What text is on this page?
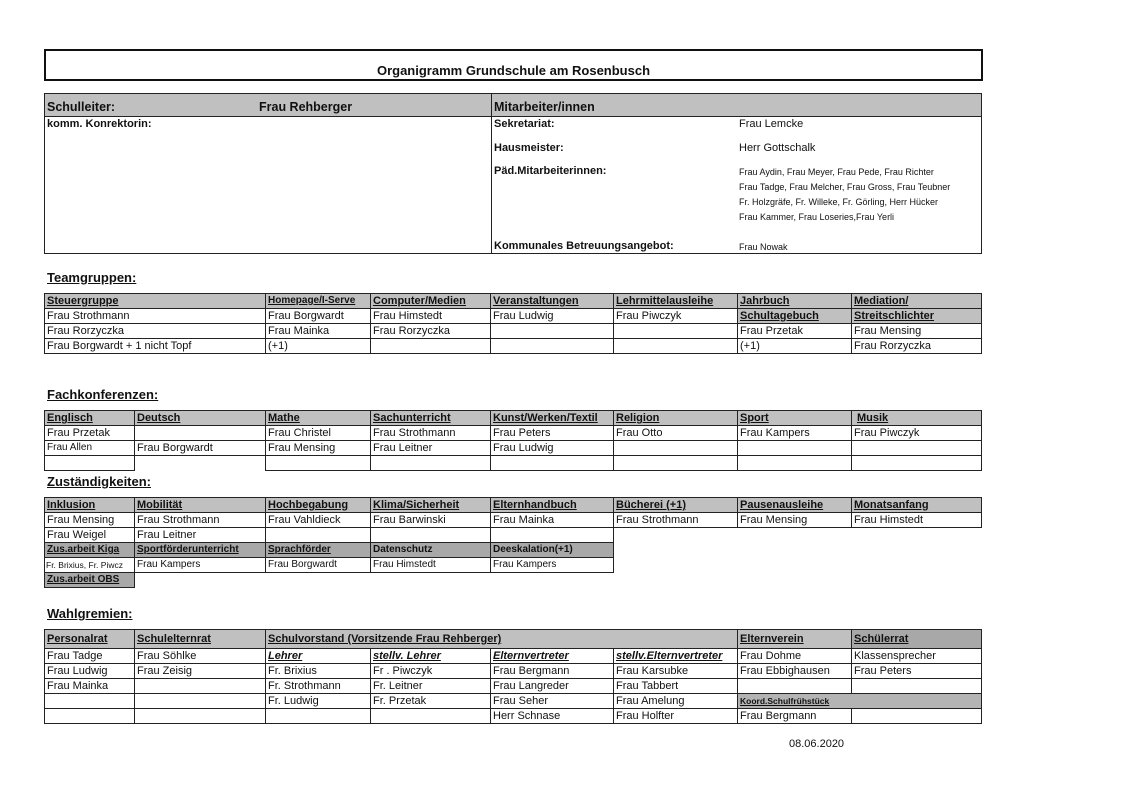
Organigramm Grundschule am Rosenbusch
Schulleiter:	Frau Rehberger
komm. Konrektorin:
Mitarbeiter/innen
Sekretariat:	Frau Lemcke
Hausmeister:	Herr Gottschalk
Päd.Mitarbeiterinnen:	Frau Aydin, Frau Meyer, Frau Pede, Frau Richter
Frau Tadge, Frau Melcher, Frau Gross, Frau Teubner
Fr. Holzgräfe, Fr. Willeke, Fr. Görling, Herr Hücker
Frau Kammer, Frau Loseries,Frau Yerli
Kommunales Betreuungsangebot:	Frau Nowak
Teamgruppen:
Steuergruppe	Homepage/I-Serve	Computer/Medien	Veranstaltungen	Lehrmittelausleihe	Jahrbuch	Mediation/
Frau Strothmann	Frau Borgwardt	Frau Himstedt	Frau Ludwig	Frau Piwczyk	Schultagebuch	Streitschlichter
Frau Rorzyczka	Frau Mainka	Frau Rorzyczka			Frau Przetak	Frau Mensing
Frau Borgwardt + 1 nicht Topf	(+1)				(+1)	Frau Rorzyczka
Fachkonferenzen:
Englisch	Deutsch	Mathe	Sachunterricht	Kunst/Werken/Textil	Religion	Sport	Musik
Frau Przetak		Frau Christel	Frau Strothmann	Frau Peters	Frau Otto	Frau Kampers	Frau Piwczyk
Frau Allen	Frau Borgwardt	Frau Mensing	Frau Leitner	Frau Ludwig			

Zuständigkeiten:
Inklusion	Mobilität	Hochbegabung	Klima/Sicherheit	Elternhandbuch	Bücherei (+1)	Pausenausleihe	Monatsanfang
Frau Mensing	Frau Strothmann	Frau Vahldieck	Frau Barwinski	Frau Mainka	Frau Strothmann	Frau Mensing	Frau Himstedt
Frau Weigel	Frau Leitner						
Zus.arbeit Kiga	Sportförderunterricht	Sprachförder	Datenschutz	Deeskalation(+1)			
Fr. Brixius, Fr. Piwcz	Frau Kampers	Frau Borgwardt	Frau Himstedt	Frau Kampers			
Zus.arbeit OBS							
Wahlgremien:
Personalrat	Schulelternrat	Schulvorstand (Vorsitzende Frau Rehberger)				Elternverein	Schülerrat
Frau Tadge	Frau Söhlke	Lehrer	stellv. Lehrer	Elternvertreter	stellv.Elternvertreter	Frau Dohme	Klassensprecher
Frau Ludwig	Frau Zeisig	Fr. Brixius	Fr . Piwczyk	Frau Bergmann	Frau Karsubke	Frau Ebbighausen	Frau Peters
Frau Mainka		Fr. Strothmann	Fr. Leitner	Frau Langreder	Frau Tabbert		
		Fr. Ludwig	Fr. Przetak	Frau Seher	Frau Amelung	Koord.Schulfrühstück	
				Herr Schnase	Frau Holfter	Frau Bergmann	
08.06.2020
